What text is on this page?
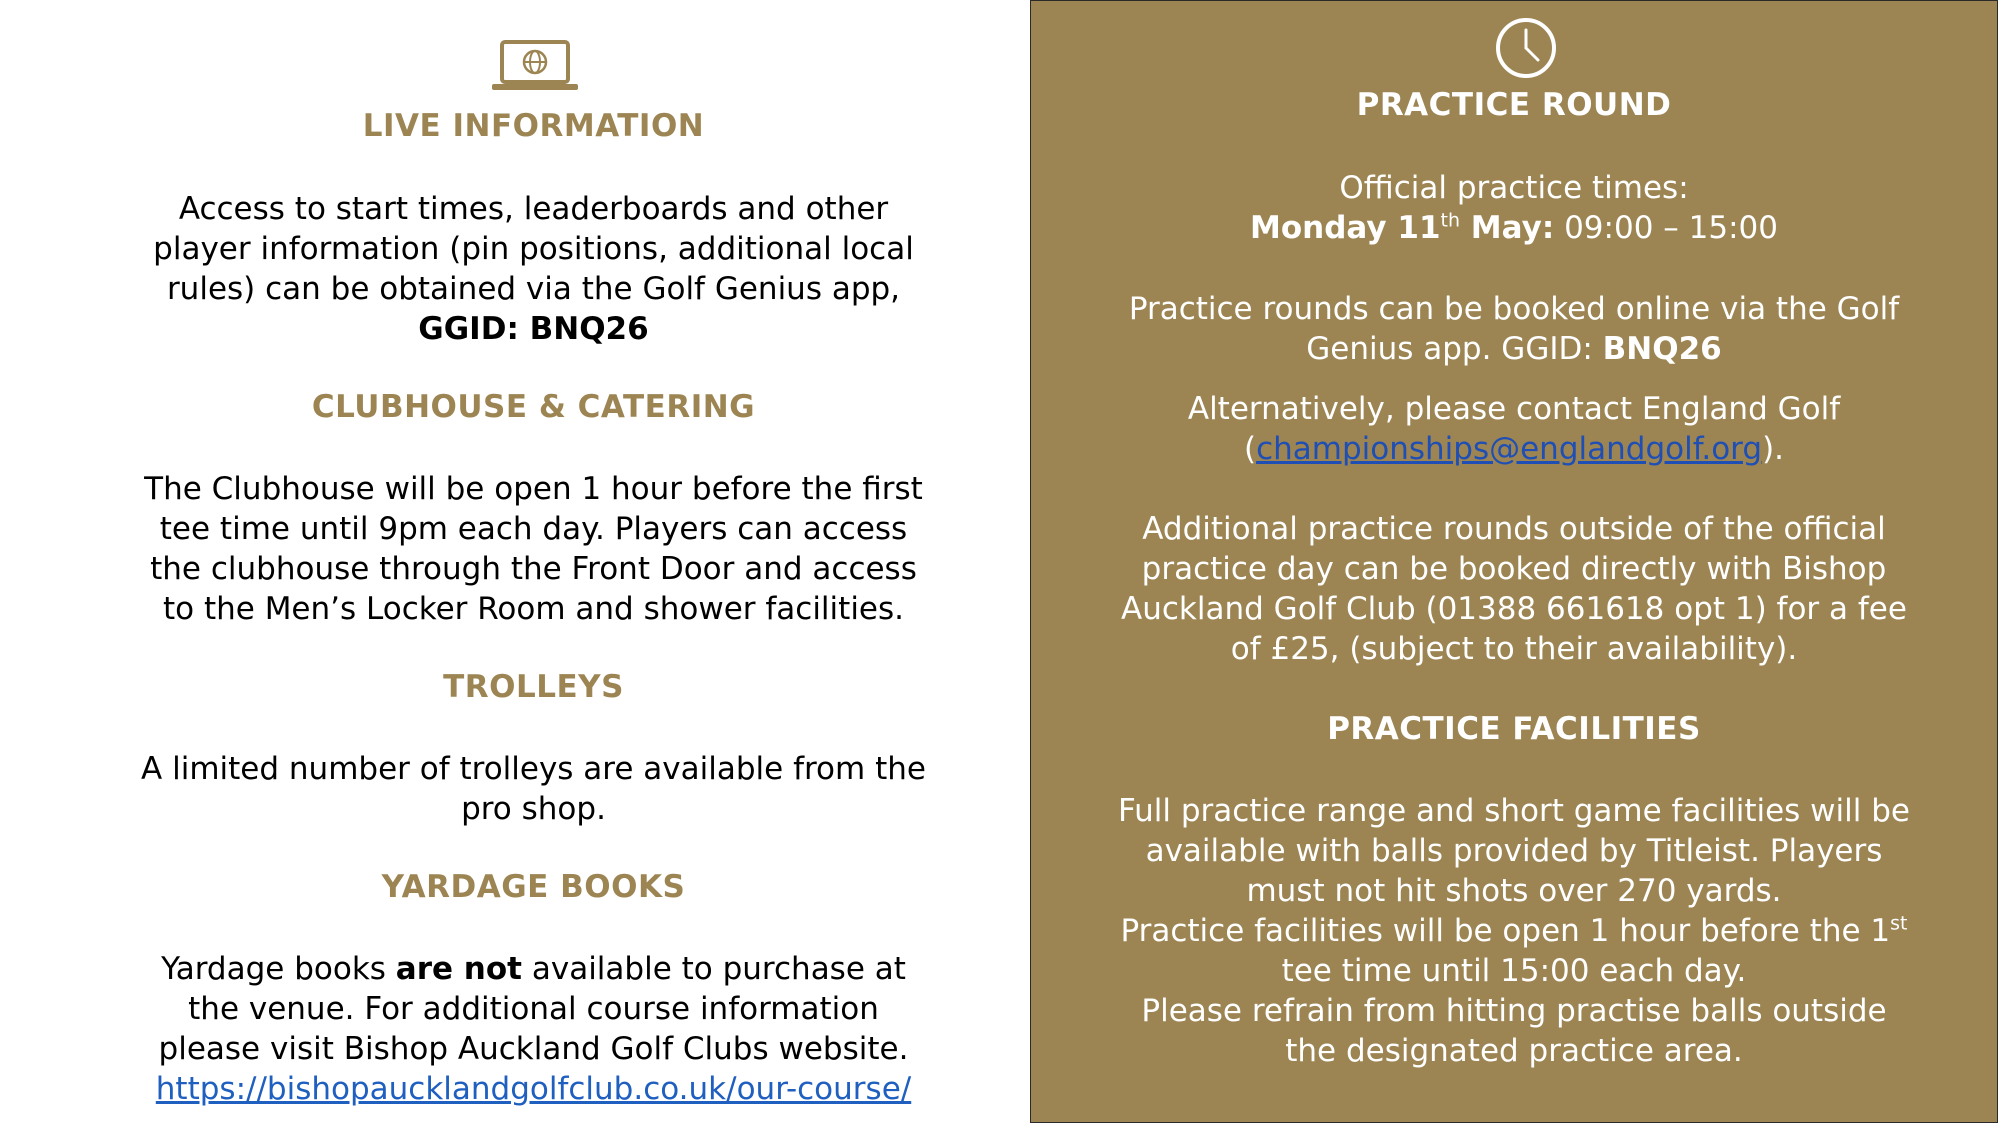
LIVE INFORMATION
Access to start times, leaderboards and other
player information (pin positions, additional local
rules) can be obtained via the Golf Genius app,
GGID: BNQ26
CLUBHOUSE & CATERING
The Clubhouse will be open 1 hour before the first
tee time until 9pm each day. Players can access
the clubhouse through the Front Door and access
to the Men’s Locker Room and shower facilities.
TROLLEYS
A limited number of trolleys are available from the
pro shop.
YARDAGE BOOKS
Yardage books are not available to purchase at
the venue. For additional course information
please visit Bishop Auckland Golf Clubs website.
https://bishopaucklandgolfclub.co.uk/our-course/
PRACTICE ROUND
Official practice times:
Monday 11th May: 09:00 – 15:00
Practice rounds can be booked online via the Golf
Genius app. GGID: BNQ26
Alternatively, please contact England Golf
(championships@englandgolf.org).
Additional practice rounds outside of the official
practice day can be booked directly with Bishop
Auckland Golf Club (01388 661618 opt 1) for a fee
of £25, (subject to their availability).
PRACTICE FACILITIES
Full practice range and short game facilities will be
available with balls provided by Titleist. Players
must not hit shots over 270 yards.
Practice facilities will be open 1 hour before the 1st
tee time until 15:00 each day.
Please refrain from hitting practise balls outside
the designated practice area.
